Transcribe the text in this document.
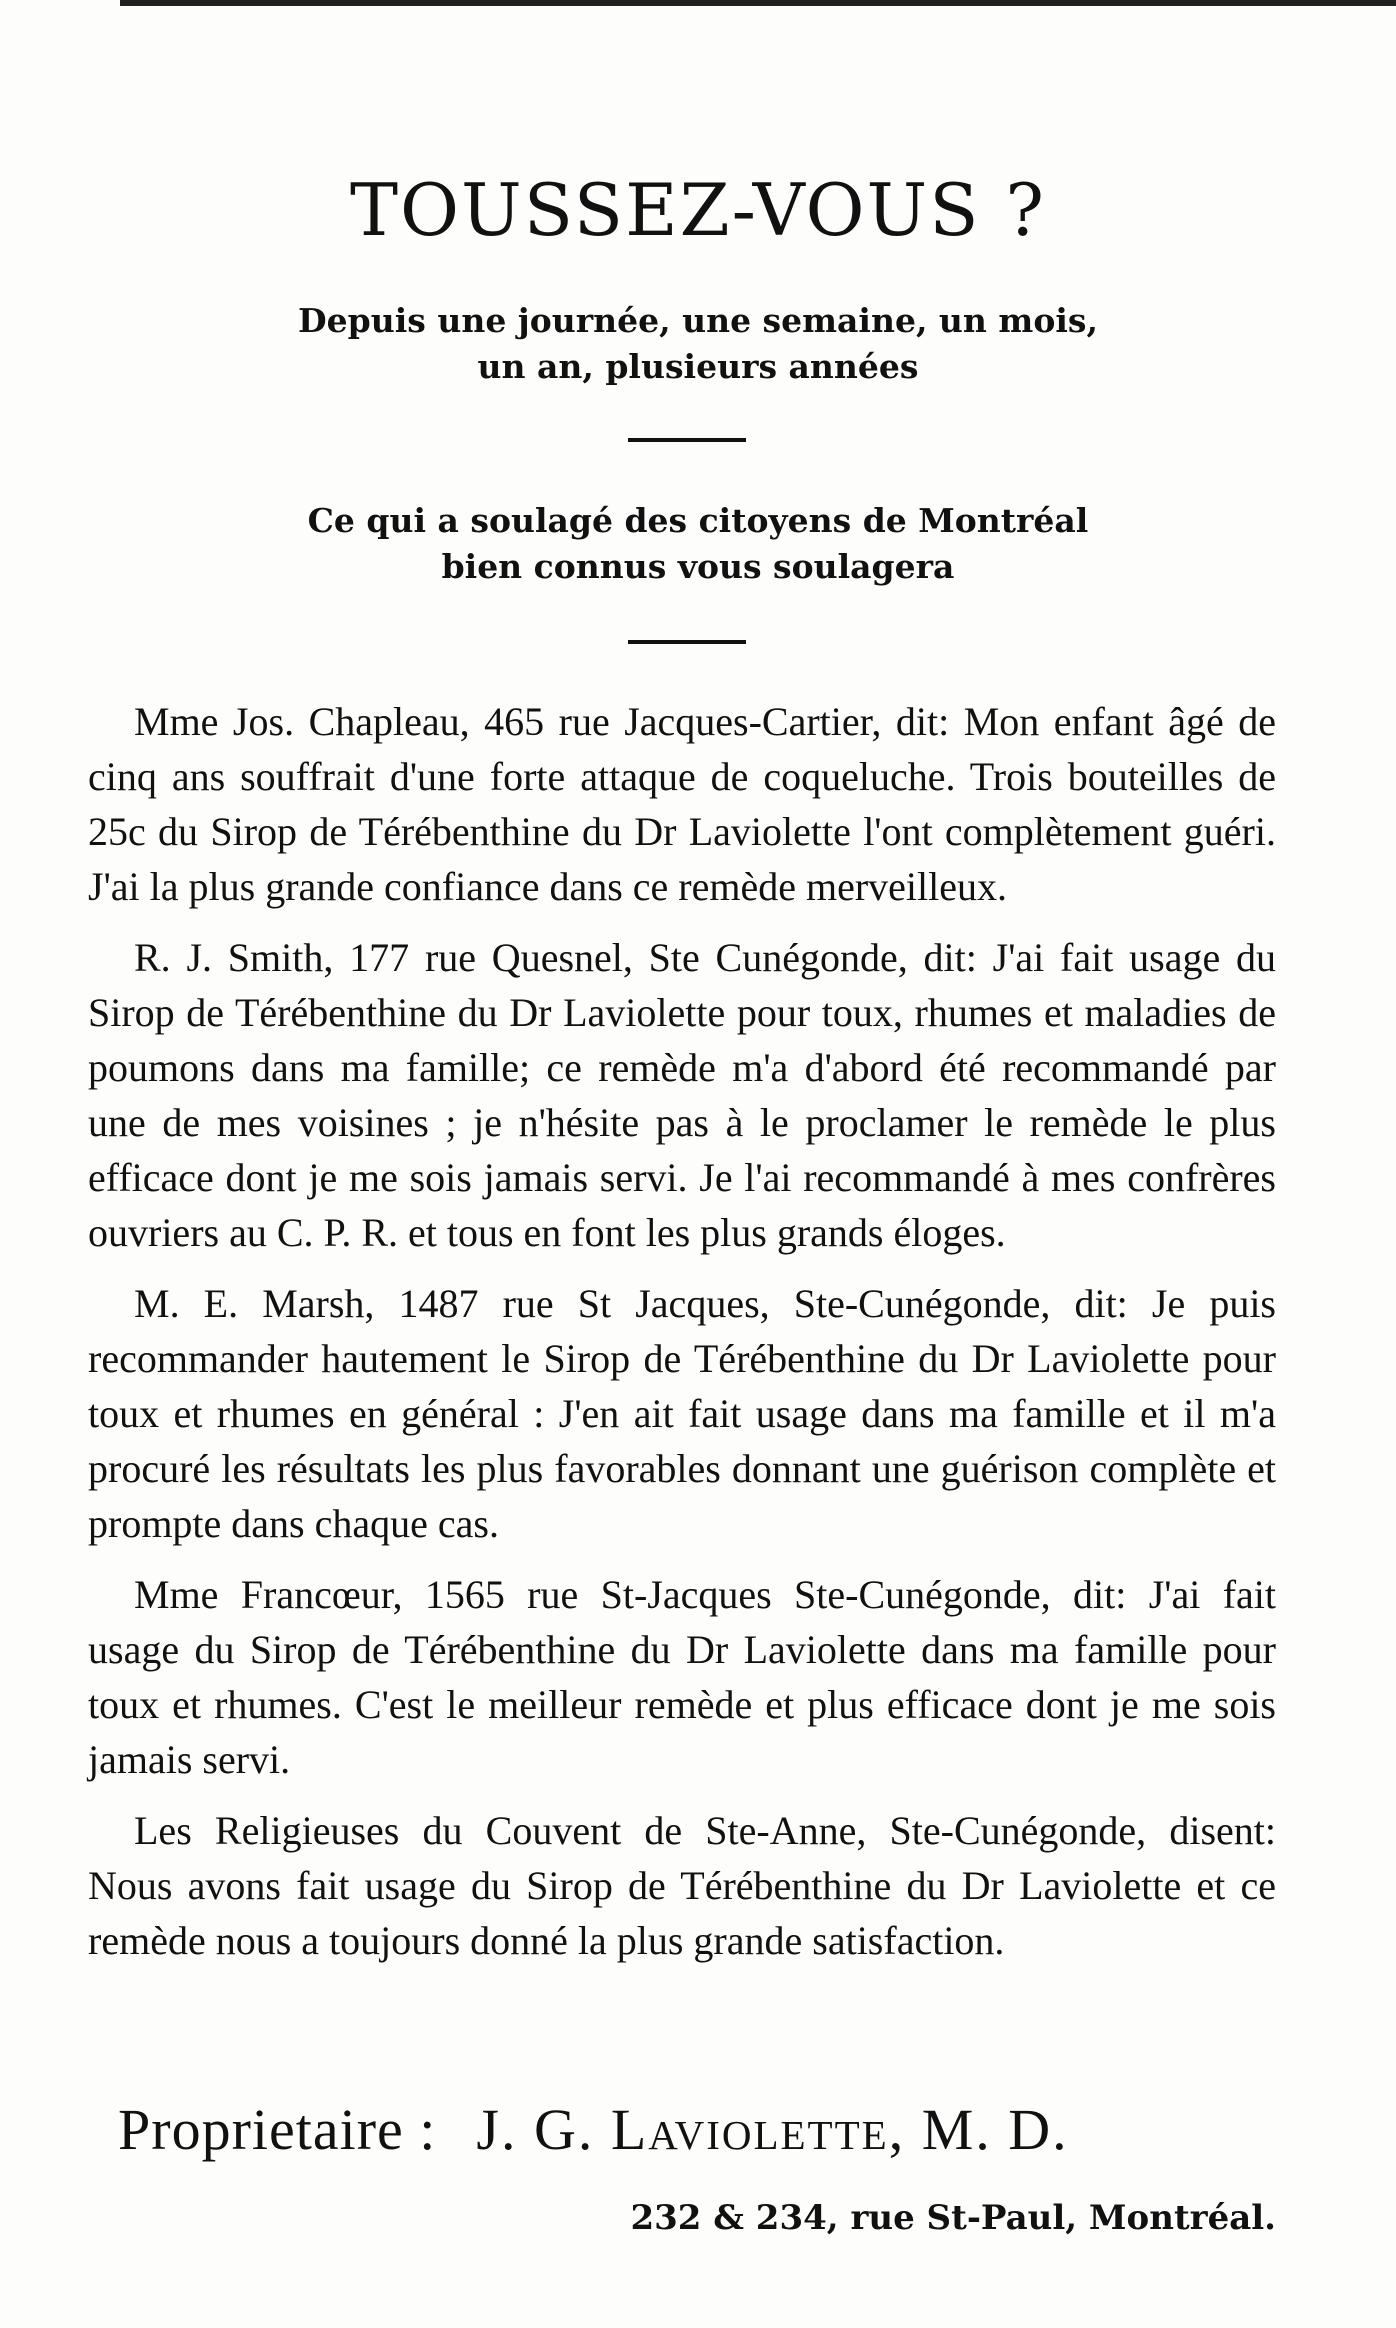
TOUSSEZ-VOUS ?
Depuis une journée, une semaine, un mois,
un an, plusieurs années
Ce qui a soulagé des citoyens de Montréal
bien connus vous soulagera

Mme Jos. Chapleau, 465 rue Jacques-Cartier, dit: Mon enfant âgé de cinq ans souffrait d'une forte attaque de coqueluche. Trois bouteilles de 25c du Sirop de Térébenthine du Dr Laviolette l'ont complètement guéri. J'ai la plus grande confiance dans ce remède merveilleux.

R. J. Smith, 177 rue Quesnel, Ste Cunégonde, dit: J'ai fait usage du Sirop de Térébenthine du Dr Laviolette pour toux, rhumes et maladies de poumons dans ma famille; ce remède m'a d'abord été recommandé par une de mes voisines ; je n'hésite pas à le proclamer le remède le plus efficace dont je me sois jamais servi. Je l'ai recommandé à mes confrères ouvriers au C. P. R. et tous en font les plus grands éloges.

M. E. Marsh, 1487 rue St Jacques, Ste-Cunégonde, dit: Je puis recommander hautement le Sirop de Térébenthine du Dr Laviolette pour toux et rhumes en général : J'en ait fait usage dans ma famille et il m'a procuré les résultats les plus favorables donnant une guérison complète et prompte dans chaque cas.

Mme Francœur, 1565 rue St-Jacques Ste-Cunégonde, dit: J'ai fait usage du Sirop de Térébenthine du Dr Laviolette dans ma famille pour toux et rhumes. C'est le meilleur remède et plus efficace dont je me sois jamais servi.

Les Religieuses du Couvent de Ste-Anne, Ste-Cunégonde, disent: Nous avons fait usage du Sirop de Térébenthine du Dr Laviolette et ce remède nous a toujours donné la plus grande satisfaction.

Proprietaire : J. G. Laviolette, M. D.
232 & 234, rue St-Paul, Montréal.
